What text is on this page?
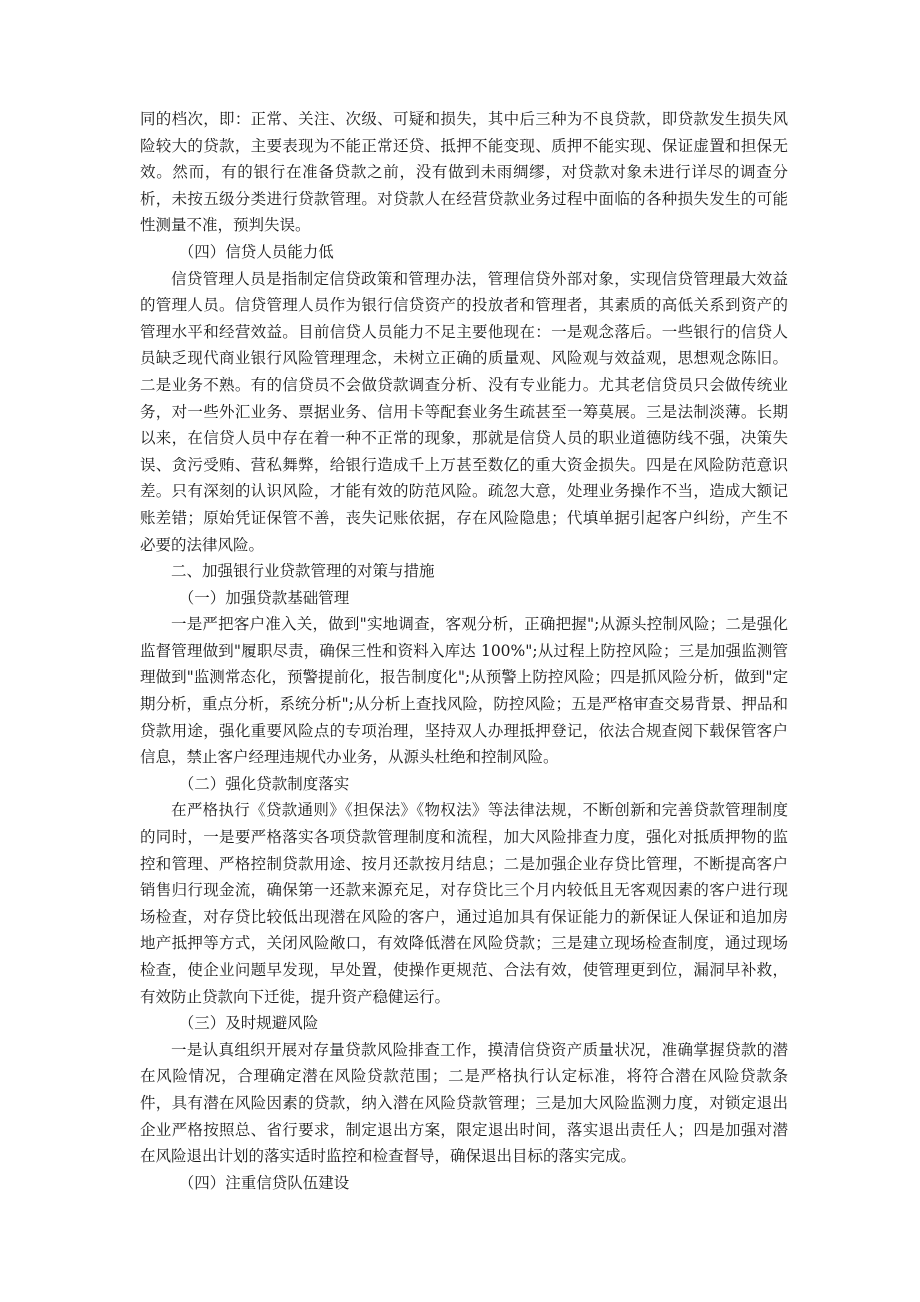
同的档次，即：正常、关注、次级、可疑和损失，其中后三种为不良贷款，即贷款发生损失风险较大的贷款，主要表现为不能正常还贷、抵押不能变现、质押不能实现、保证虚置和担保无效。然而，有的银行在准备贷款之前，没有做到未雨绸缪，对贷款对象未进行详尽的调查分析，未按五级分类进行贷款管理。对贷款人在经营贷款业务过程中面临的各种损失发生的可能性测量不准，预判失误。

（四）信贷人员能力低

信贷管理人员是指制定信贷政策和管理办法，管理信贷外部对象，实现信贷管理最大效益的管理人员。信贷管理人员作为银行信贷资产的投放者和管理者，其素质的高低关系到资产的管理水平和经营效益。目前信贷人员能力不足主要他现在：一是观念落后。一些银行的信贷人员缺乏现代商业银行风险管理理念，未树立正确的质量观、风险观与效益观，思想观念陈旧。二是业务不熟。有的信贷员不会做贷款调查分析、没有专业能力。尤其老信贷员只会做传统业务，对一些外汇业务、票据业务、信用卡等配套业务生疏甚至一筹莫展。三是法制淡薄。长期以来，在信贷人员中存在着一种不正常的现象，那就是信贷人员的职业道德防线不强，决策失误、贪污受贿、营私舞弊，给银行造成千上万甚至数亿的重大资金损失。四是在风险防范意识差。只有深刻的认识风险，才能有效的防范风险。疏忽大意，处理业务操作不当，造成大额记账差错；原始凭证保管不善，丧失记账依据，存在风险隐患；代填单据引起客户纠纷，产生不必要的法律风险。

二、加强银行业贷款管理的对策与措施

（一）加强贷款基础管理

一是严把客户准入关，做到"实地调查，客观分析，正确把握";从源头控制风险；二是强化监督管理做到"履职尽责，确保三性和资料入库达 100%";从过程上防控风险；三是加强监测管理做到"监测常态化，预警提前化，报告制度化";从预警上防控风险；四是抓风险分析，做到"定期分析，重点分析，系统分析";从分析上查找风险，防控风险；五是严格审查交易背景、押品和贷款用途，强化重要风险点的专项治理，坚持双人办理抵押登记，依法合规查阅下载保管客户信息，禁止客户经理违规代办业务，从源头杜绝和控制风险。

（二）强化贷款制度落实

在严格执行《贷款通则》《担保法》《物权法》等法律法规，不断创新和完善贷款管理制度的同时，一是要严格落实各项贷款管理制度和流程，加大风险排查力度，强化对抵质押物的监控和管理、严格控制贷款用途、按月还款按月结息；二是加强企业存贷比管理，不断提高客户销售归行现金流，确保第一还款来源充足，对存贷比三个月内较低且无客观因素的客户进行现场检查，对存贷比较低出现潜在风险的客户，通过追加具有保证能力的新保证人保证和追加房地产抵押等方式，关闭风险敞口，有效降低潜在风险贷款；三是建立现场检查制度，通过现场检查，使企业问题早发现，早处置，使操作更规范、合法有效，使管理更到位，漏洞早补救，有效防止贷款向下迁徙，提升资产稳健运行。

（三）及时规避风险

一是认真组织开展对存量贷款风险排查工作，摸清信贷资产质量状况，准确掌握贷款的潜在风险情况，合理确定潜在风险贷款范围；二是严格执行认定标准，将符合潜在风险贷款条件，具有潜在风险因素的贷款，纳入潜在风险贷款管理；三是加大风险监测力度，对锁定退出企业严格按照总、省行要求，制定退出方案，限定退出时间，落实退出责任人；四是加强对潜在风险退出计划的落实适时监控和检查督导，确保退出目标的落实完成。

（四）注重信贷队伍建设
